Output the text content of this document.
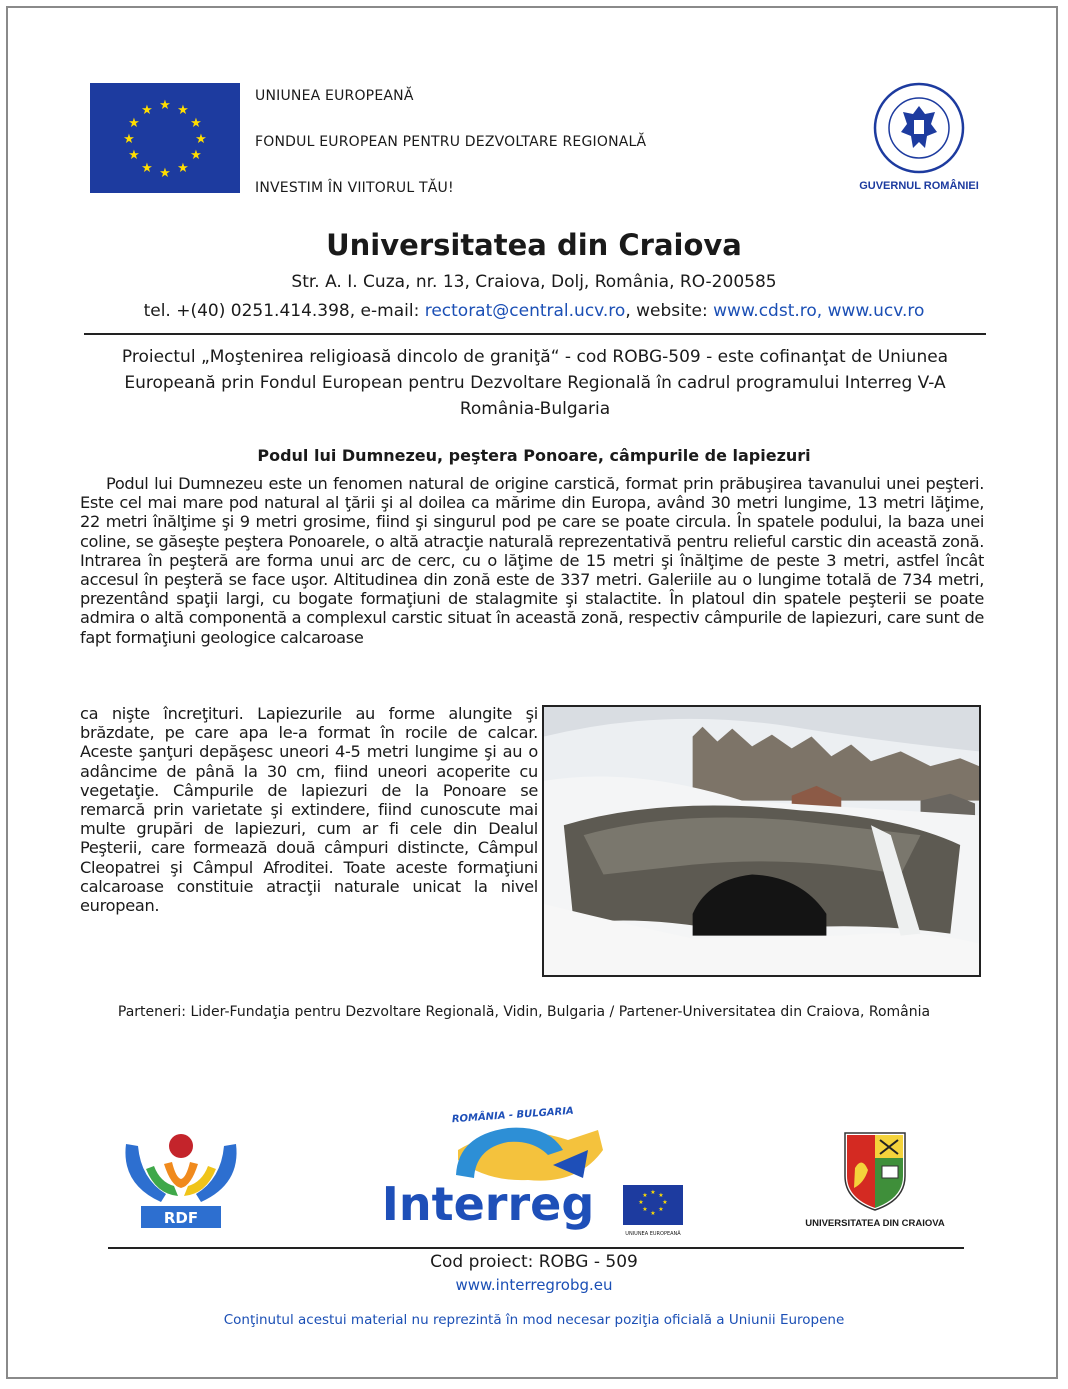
★ ★
★
★
★
★
★
★
★
★
★
★
UNIUNEA EUROPEANĂ
FONDUL EUROPEAN PENTRU DEZVOLTARE REGIONALĂ
INVESTIM ÎN VIITORUL TĂU!	GUVERNUL ROMÂNIEI
Universitatea din Craiova
Str. A. I. Cuza, nr. 13, Craiova, Dolj, România, RO-200585
tel. +(40) 0251.414.398, e-mail: rectorat@central.ucv.ro, website: www.cdst.ro, www.ucv.ro
Proiectul „Moştenirea religioasă dincolo de graniţă“ - cod ROBG-509 - este cofinanţat de Uniunea Europeană prin Fondul European pentru Dezvoltare Regională în cadrul programului Interreg V-A România-Bulgaria
Podul lui Dumnezeu, peştera Ponoare, câmpurile de lapiezuri
Podul lui Dumnezeu este un fenomen natural de origine carstică, format prin prăbuşirea tavanului unei peşteri. Este cel mai mare pod natural al ţării şi al doilea ca mărime din Europa, având 30 metri lungime, 13 metri lăţime, 22 metri înălţime şi 9 metri grosime, fiind şi singurul pod pe care se poate circula. În spatele podului, la baza unei coline, se găseşte peştera Ponoarele, o altă atracţie naturală reprezentativă pentru relieful carstic din această zonă. Intrarea în peşteră are forma unui arc de cerc, cu o lăţime de 15 metri şi înălţime de peste 3 metri, astfel încât accesul în peşteră se face uşor. Altitudinea din zonă este de 337 metri. Galeriile au o lungime totală de 734 metri, prezentând spaţii largi, cu bogate formaţiuni de stalagmite şi stalactite. În platoul din spatele peşterii se poate admira o altă componentă a complexul carstic situat în această zonă, respectiv câmpurile de lapiezuri, care sunt de fapt formaţiuni geologice calcaroase
ca nişte încreţituri. Lapiezurile au forme alungite şi brăzdate, pe care apa le-a format în rocile de calcar. Aceste şanţuri depăşesc uneori 4-5 metri lungime şi au o adâncime de până la 30 cm, fiind uneori acoperite cu vegetaţie. Câmpurile de lapiezuri de la Ponoare se remarcă prin varietate şi extindere, fiind cunoscute mai multe grupări de lapiezuri, cum ar fi cele din Dealul Peşterii, care formează două câmpuri distincte, Câmpul Cleopatrei şi Câmpul Afroditei. Toate aceste formaţiuni calcaroase constituie atracţii naturale unicat la nivel european.
Parteneri: Lider-Fundaţia pentru Dezvoltare Regională, Vidin, Bulgaria / Partener-Universitatea din Craiova, România
RDF
ROMÂNIA - BULGARIA
Interreg	★ ★
★
★
★
★
★
★
UNIUNEA EUROPEANĂ
UNIVERSITATEA DIN CRAIOVA
Cod proiect: ROBG - 509
www.interregrobg.eu
Conţinutul acestui material nu reprezintă în mod necesar poziţia oficială a Uniunii Europene
